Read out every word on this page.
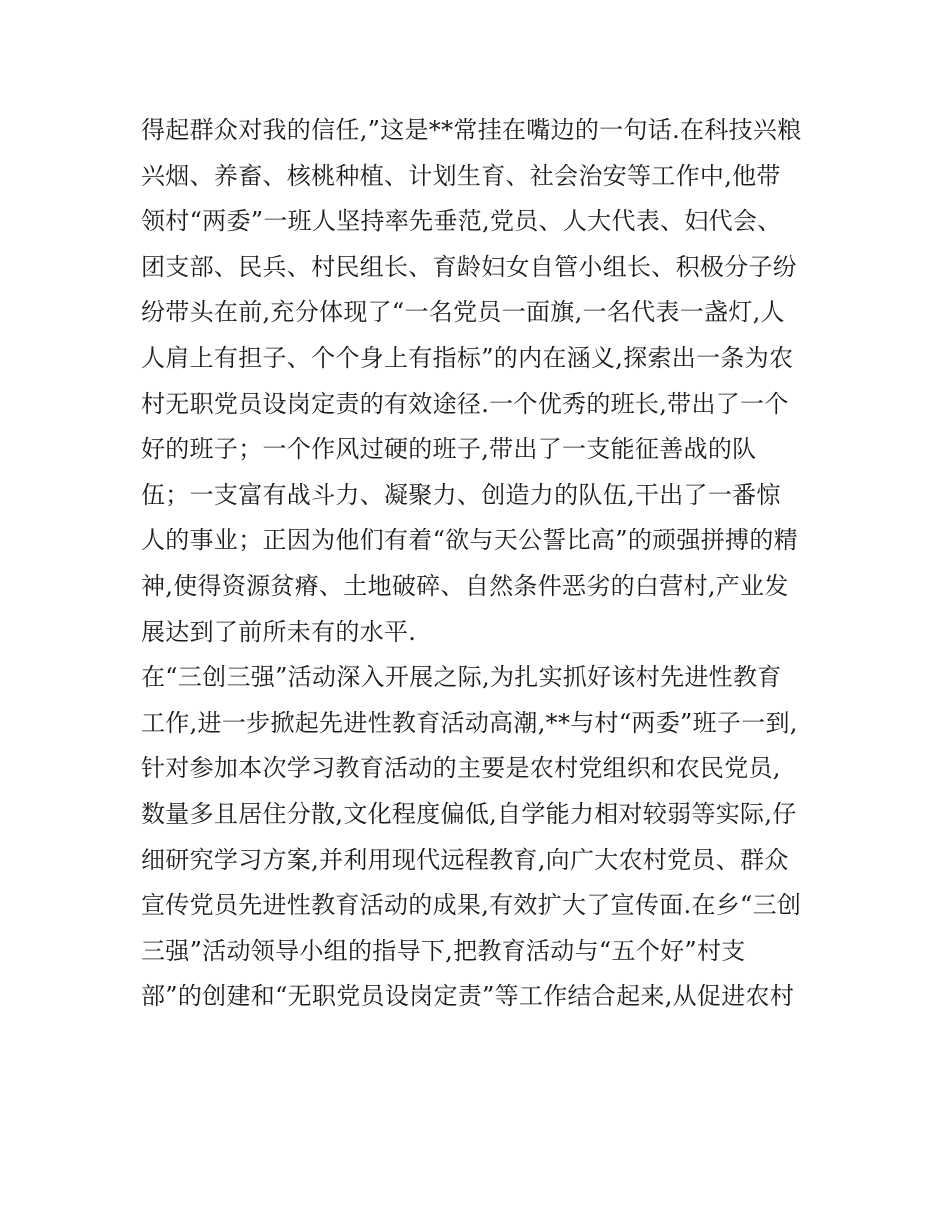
得起群众对我的信任,”这是**常挂在嘴边的一句话.在科技兴粮
兴烟、养畜、核桃种植、计划生育、社会治安等工作中,他带
领村“两委”一班人坚持率先垂范,党员、人大代表、妇代会、
团支部、民兵、村民组长、育龄妇女自管小组长、积极分子纷
纷带头在前,充分体现了“一名党员一面旗,一名代表一盏灯,人
人肩上有担子、个个身上有指标”的内在涵义,探索出一条为农
村无职党员设岗定责的有效途径.一个优秀的班长,带出了一个
好的班子；一个作风过硬的班子,带出了一支能征善战的队
伍；一支富有战斗力、凝聚力、创造力的队伍,干出了一番惊
人的事业；正因为他们有着“欲与天公誓比高”的顽强拼搏的精
神,使得资源贫瘠、土地破碎、自然条件恶劣的白营村,产业发
展达到了前所未有的水平.
在“三创三强”活动深入开展之际,为扎实抓好该村先进性教育
工作,进一步掀起先进性教育活动高潮,**与村“两委”班子一到,
针对参加本次学习教育活动的主要是农村党组织和农民党员,
数量多且居住分散,文化程度偏低,自学能力相对较弱等实际,仔
细研究学习方案,并利用现代远程教育,向广大农村党员、群众
宣传党员先进性教育活动的成果,有效扩大了宣传面.在乡“三创
三强”活动领导小组的指导下,把教育活动与“五个好”村支
部”的创建和“无职党员设岗定责”等工作结合起来,从促进农村
